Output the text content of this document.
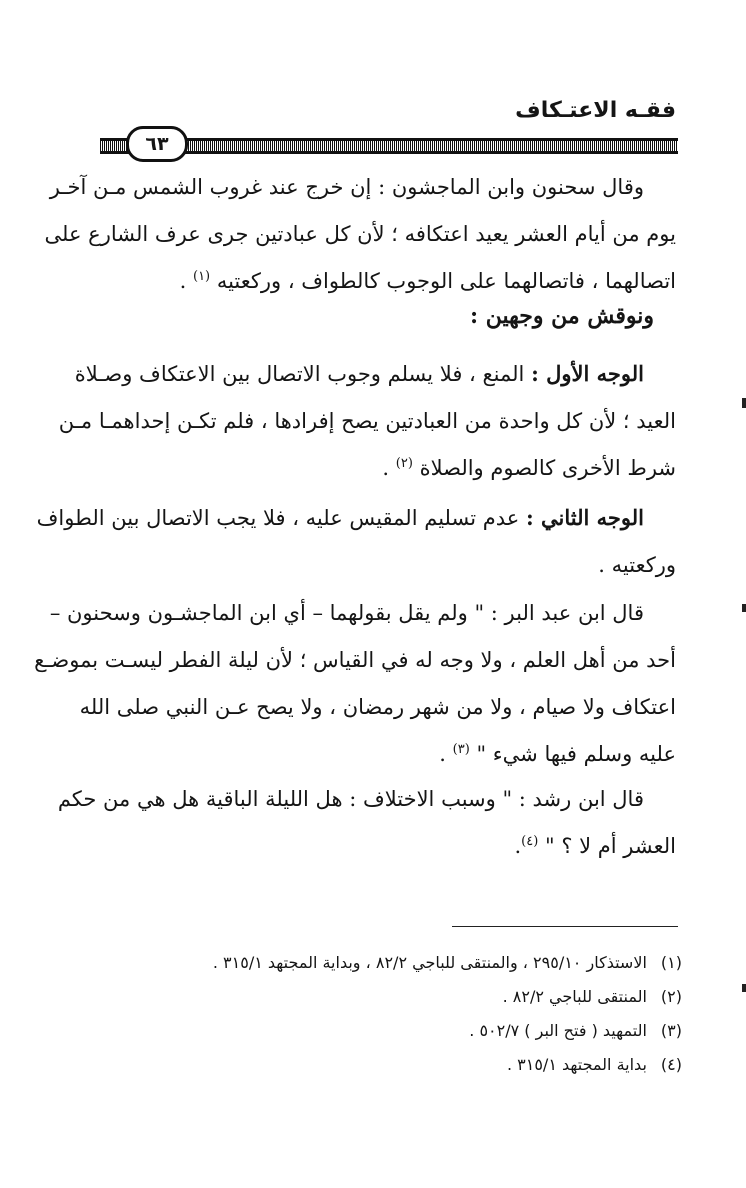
فقـه الاعتـكاف
٦٣
وقال سحنون وابن الماجشون : إن خرج عند غروب الشمس مـن آخـر
يوم من أيام العشر يعيد اعتكافه ؛ لأن كل عبادتين جرى عرف الشارع على
اتصالهما ، فاتصالهما على الوجوب كالطواف ، وركعتيه $^{(١)}$ .
ونوقش من وجهين :
الوجه الأول : المنع ، فلا يسلم وجوب الاتصال بين الاعتكاف وصـلاة
العيد ؛ لأن كل واحدة من العبادتين يصح إفرادها ، فلم تكـن إحداهمـا مـن
شرط الأخرى كالصوم والصلاة $^{(٢)}$ .
الوجه الثاني : عدم تسليم المقيس عليه ، فلا يجب الاتصال بين الطواف
وركعتيه .
قال ابن عبد البر : " ولم يقل بقولهما – أي ابن الماجشـون وسحنون –
أحد من أهل العلم ، ولا وجه له في القياس ؛ لأن ليلة الفطر ليسـت بموضـع
اعتكاف ولا صيام ، ولا من شهر رمضان ، ولا يصح عـن النبي صلى الله
عليه وسلم فيها شيء " $^{(٣)}$ .
قال ابن رشد : " وسبب الاختلاف : هل الليلة الباقية هل هي من حكم
العشر أم لا ؟ " $^{(٤)}$.
(١) الاستذكار ٢٩٥/١٠ ، والمنتقى للباجي ٨٢/٢ ، وبداية المجتهد ٣١٥/١ .
(٢) المنتقى للباجي ٨٢/٢ .
(٣) التمهيد ( فتح البر ) ٥٠٢/٧ .
(٤) بداية المجتهد ٣١٥/١ .
